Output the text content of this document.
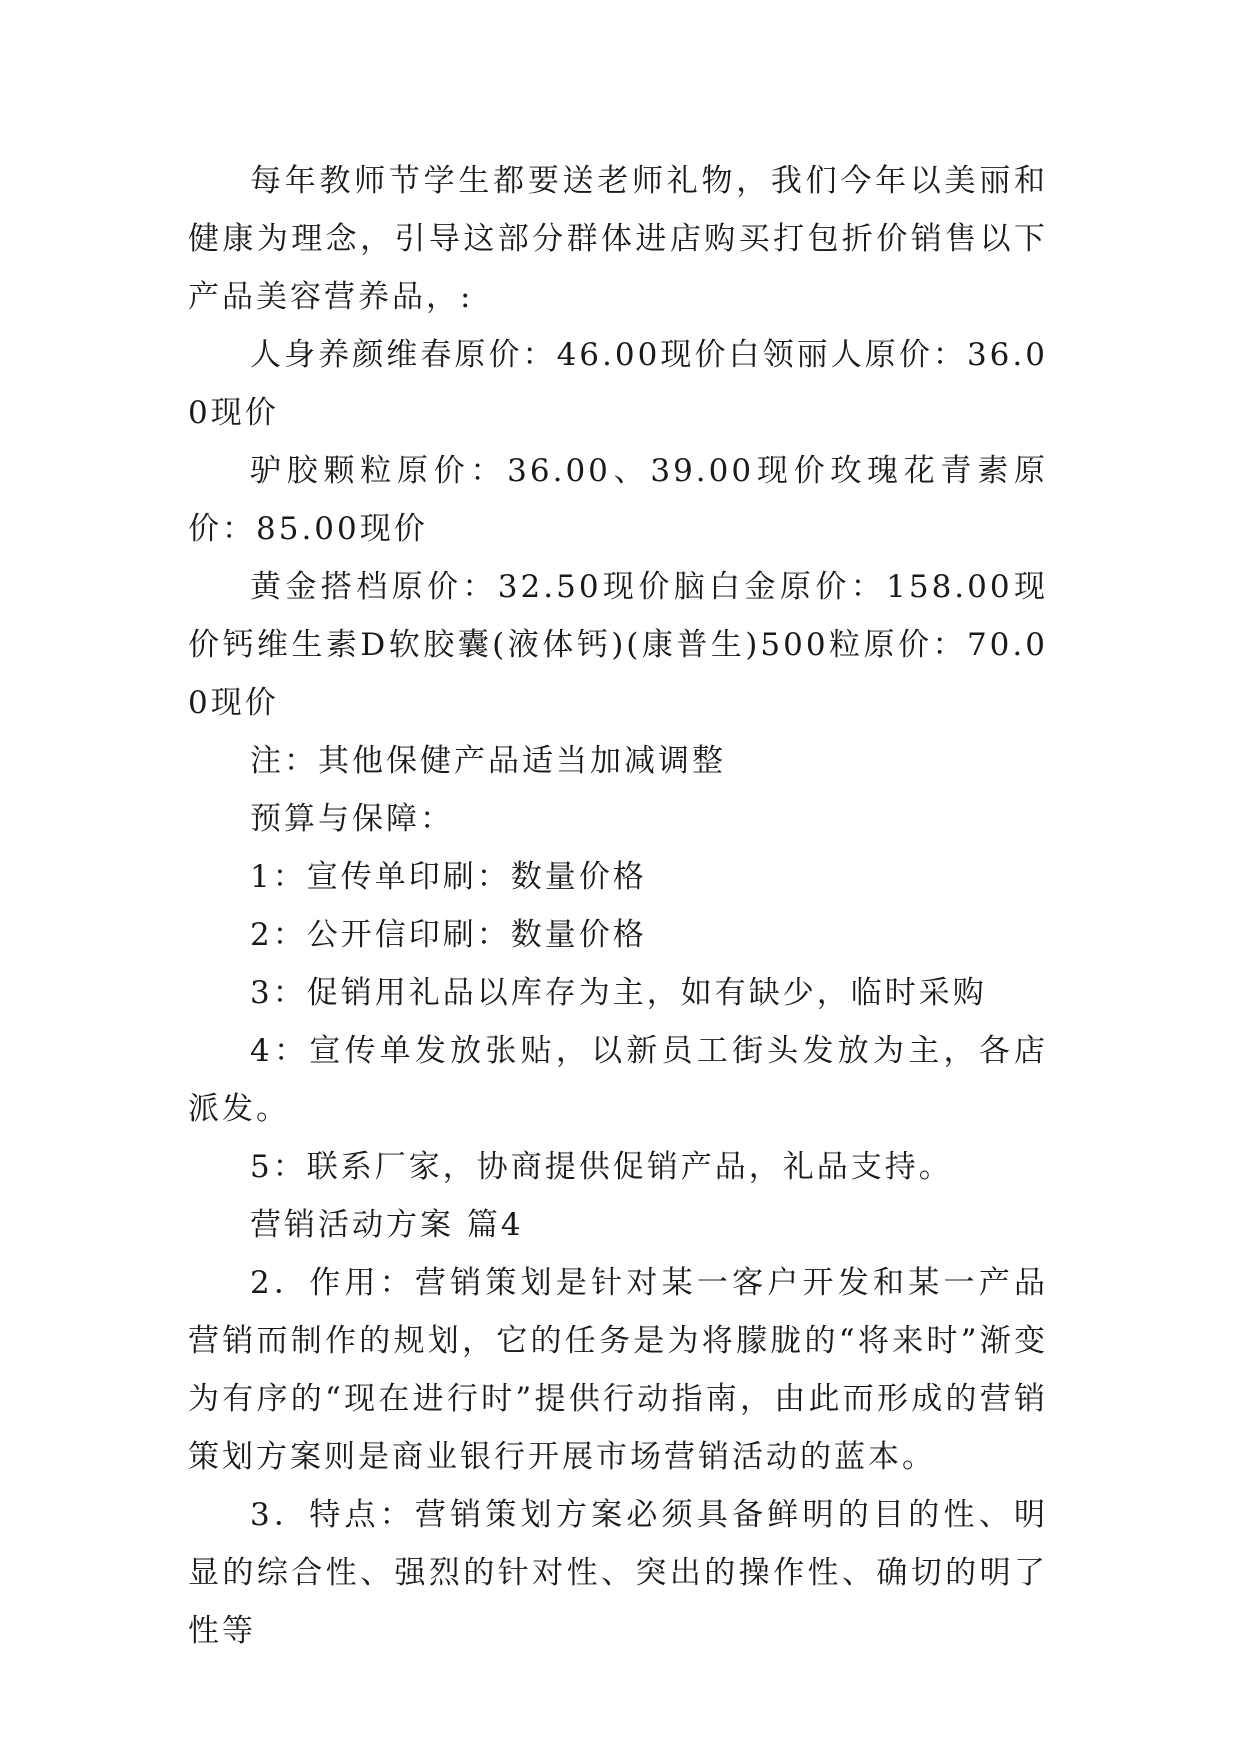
每年教师节学生都要送老师礼物，我们今年以美丽和健康为理念，引导这部分群体进店购买打包折价销售以下产品美容营养品，:

人身养颜维春原价：46.00现价白领丽人原价：36.00现价

驴胶颗粒原价：36.00、39.00现价玫瑰花青素原价：85.00现价

黄金搭档原价：32.50现价脑白金原价：158.00现价钙维生素D软胶囊(液体钙)(康普生)500粒原价：70.00现价

注：其他保健产品适当加减调整

预算与保障：

1：宣传单印刷：数量价格

2：公开信印刷：数量价格

3：促销用礼品以库存为主，如有缺少，临时采购

4：宣传单发放张贴，以新员工街头发放为主，各店派发。

5：联系厂家，协商提供促销产品，礼品支持。

营销活动方案 篇4

2．作用：营销策划是针对某一客户开发和某一产品营销而制作的规划，它的任务是为将朦胧的“将来时”渐变为有序的“现在进行时”提供行动指南，由此而形成的营销策划方案则是商业银行开展市场营销活动的蓝本。

3．特点：营销策划方案必须具备鲜明的目的性、明显的综合性、强烈的针对性、突出的操作性、确切的明了性等
